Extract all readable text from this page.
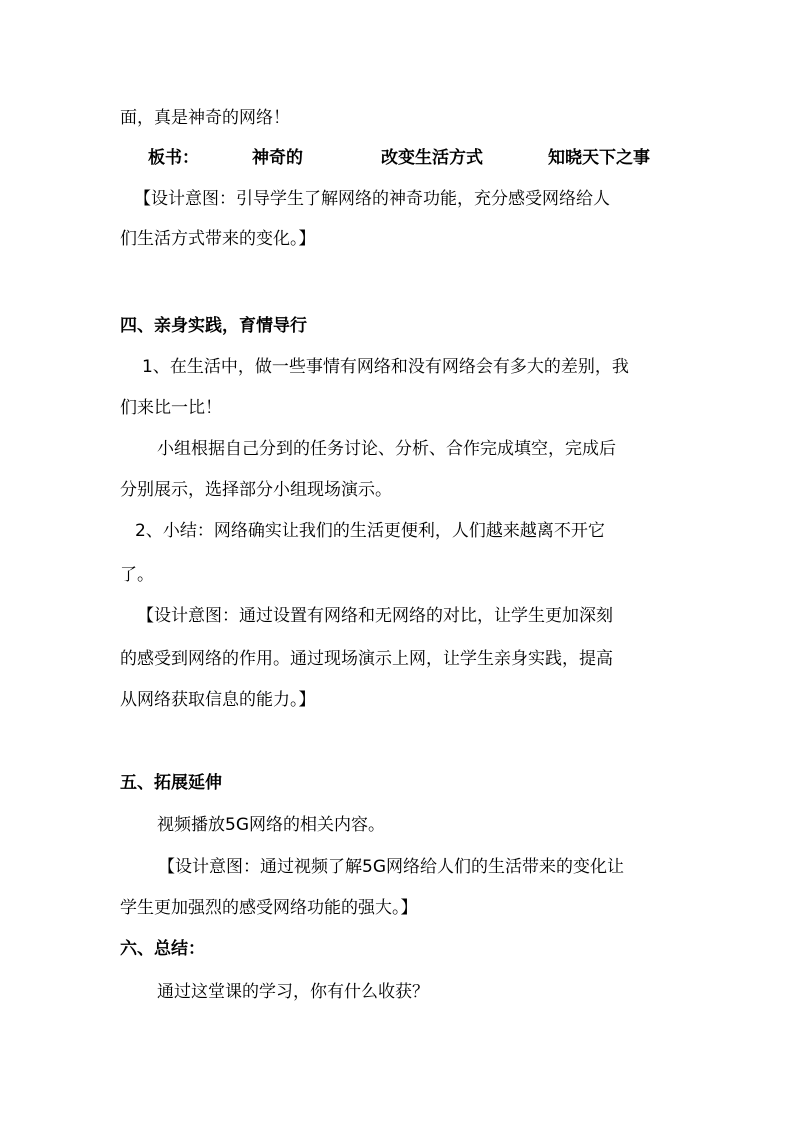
面，真是神奇的网络！
板书：	神奇的	改变生活方式	知晓天下之事
【设计意图：引导学生了解网络的神奇功能，充分感受网络给人
们生活方式带来的变化。】
四、亲身实践，育情导行
1、在生活中，做一些事情有网络和没有网络会有多大的差别，我
们来比一比！
小组根据自己分到的任务讨论、分析、合作完成填空，完成后
分别展示，选择部分小组现场演示。
2、小结：网络确实让我们的生活更便利，人们越来越离不开它
了。
【设计意图：通过设置有网络和无网络的对比，让学生更加深刻
的感受到网络的作用。通过现场演示上网，让学生亲身实践，提高
从网络获取信息的能力。】
五、拓展延伸
视频播放5G网络的相关内容。
【设计意图：通过视频了解5G网络给人们的生活带来的变化让
学生更加强烈的感受网络功能的强大。】
六、总结：
通过这堂课的学习，你有什么收获？
